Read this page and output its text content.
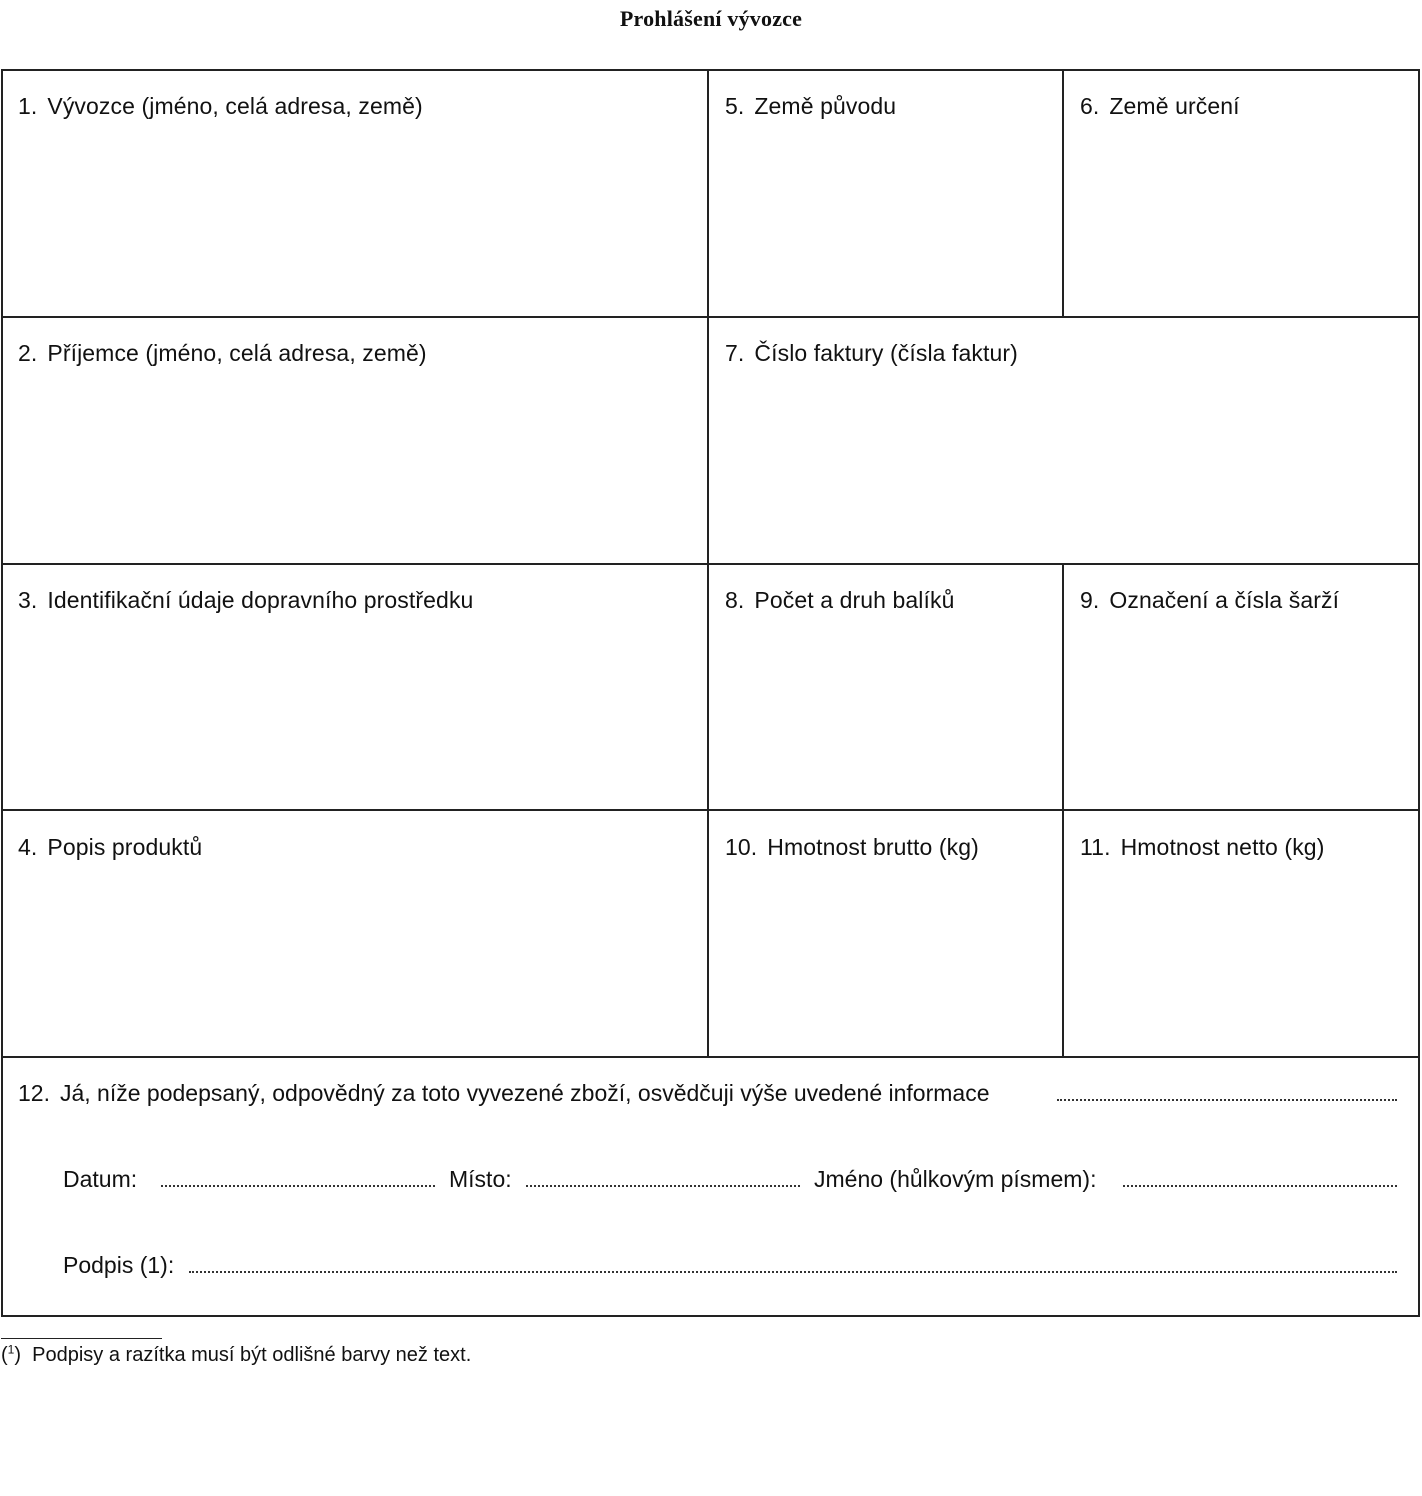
Prohlášení vývozce
1. Vývozce (jméno, celá adresa, země)	5. Země původu	6. Země určení
2. Příjemce (jméno, celá adresa, země)	7. Číslo faktury (čísla faktur)
3. Identifikační údaje dopravního prostředku	8. Počet a druh balíků	9. Označení a čísla šarží
4. Popis produktů	10. Hmotnost brutto (kg)	11. Hmotnost netto (kg)
12. Já, níže podepsaný, odpovědný za toto vyvezené zboží, osvědčuji výše uvedené informace
Datum:	Místo:	Jméno (hůlkovým písmem):
Podpis (1):
($^1$) Podpisy a razítka musí být odlišné barvy než text.
